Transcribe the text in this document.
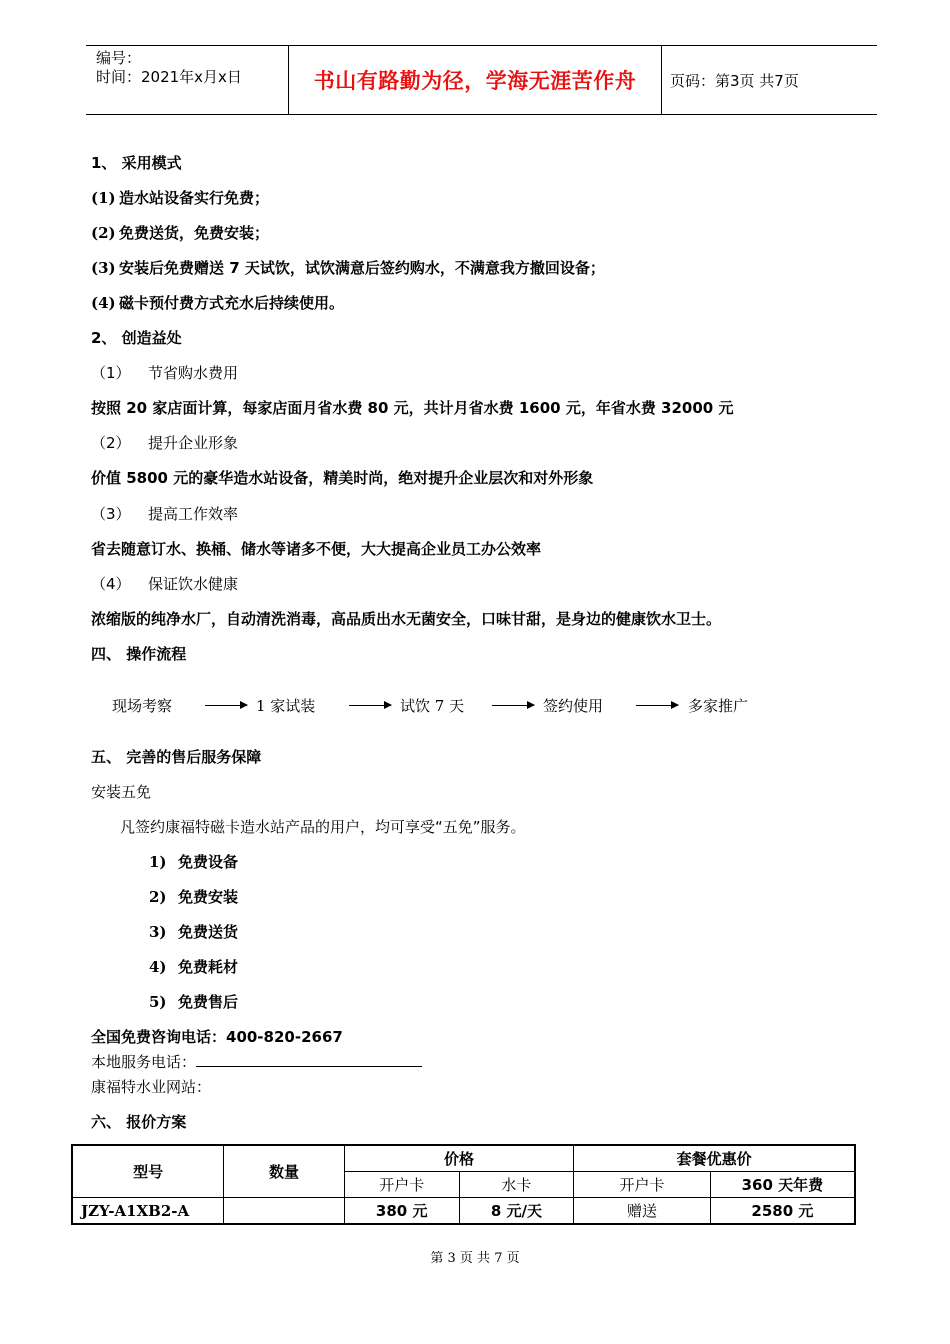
编号：
时间：2021年x月x日	书山有路勤为径，学海无涯苦作舟	页码：第3页 共7页
1、 采用模式
(1) 造水站设备实行免费；
(2) 免费送货，免费安装；
(3) 安装后免费赠送 7 天试饮，试饮满意后签约购水，不满意我方撤回设备；
(4) 磁卡预付费方式充水后持续使用。
2、 创造益处
（1） 节省购水费用
按照 20 家店面计算，每家店面月省水费 80 元，共计月省水费 1600 元，年省水费 32000 元
（2） 提升企业形象
价值 5800 元的豪华造水站设备，精美时尚，绝对提升企业层次和对外形象
（3） 提高工作效率
省去随意订水、换桶、储水等诸多不便，大大提高企业员工办公效率
（4） 保证饮水健康
浓缩版的纯净水厂，自动清洗消毒，高品质出水无菌安全，口味甘甜，是身边的健康饮水卫士。
四、 操作流程
现场考察	1 家试装	试饮 7 天	签约使用	多家推广
五、 完善的售后服务保障
安装五免
凡签约康福特磁卡造水站产品的用户，均可享受“五免”服务。
1) 免费设备
2) 免费安装
3) 免费送货
4) 免费耗材
5) 免费售后
全国免费咨询电话：400-820-2667
本地服务电话：
康福特水业网站：
六、 报价方案
型号	数量	价格		套餐优惠价	
		开户卡	水卡	开户卡	360 天年费
JZY-A1XB2-A		380 元	8 元/天	赠送	2580 元
第 3 页 共 7 页
